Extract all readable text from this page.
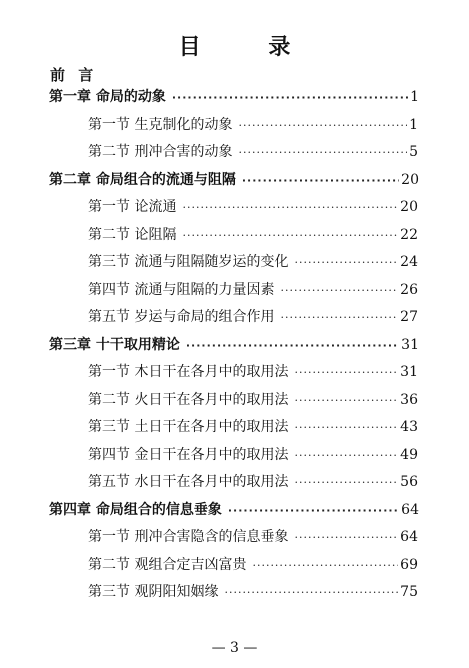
目 录
前 言
第一章 命局的动象 ·····	1
第一节 生克制化的动象 ·····	1
第二节 刑冲合害的动象 ·····	5
第二章 命局组合的流通与阻隔 ·····	20
第一节 论流通 ·····	20
第二节 论阻隔 ·····	22
第三节 流通与阻隔随岁运的变化 ·····	24
第四节 流通与阻隔的力量因素 ·····	26
第五节 岁运与命局的组合作用 ·····	27
第三章 十干取用精论 ·····	31
第一节 木日干在各月中的取用法 ·····	31
第二节 火日干在各月中的取用法 ·····	36
第三节 土日干在各月中的取用法 ·····	43
第四节 金日干在各月中的取用法 ·····	49
第五节 水日干在各月中的取用法 ·····	56
第四章 命局组合的信息垂象 ·····	64
第一节 刑冲合害隐含的信息垂象 ·····	64
第二节 观组合定吉凶富贵 ·····	69
第三节 观阴阳知姻缘 ·····	75
— 3 —
